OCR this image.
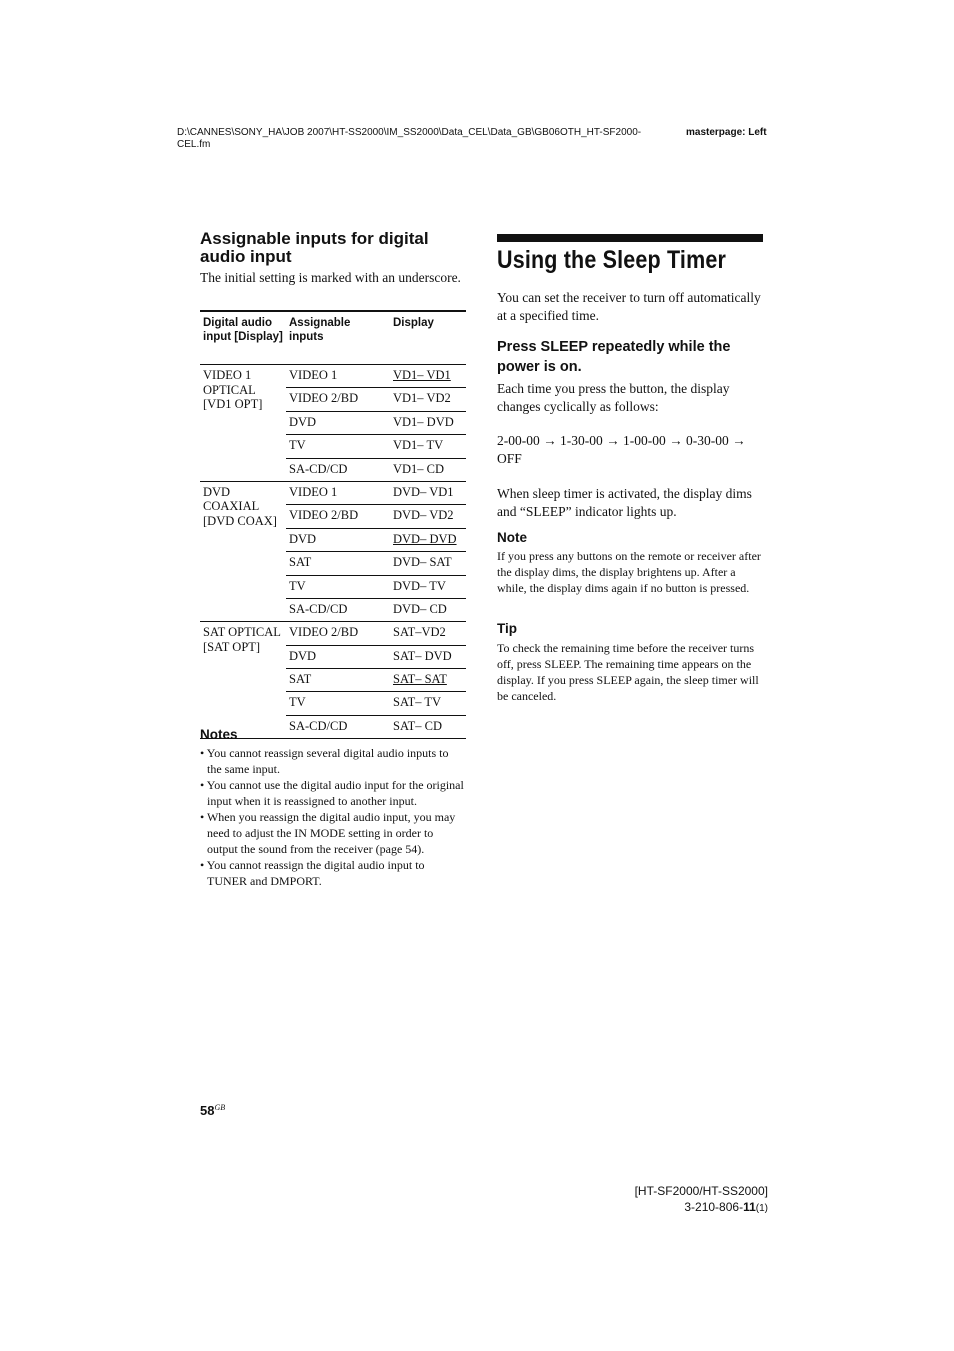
D:\CANNES\SONY_HA\JOB 2007\HT-SS2000\IM_SS2000\Data_CEL\Data_GB\GB06OTH_HT-SF2000-CEL.fm
masterpage: Left
Assignable inputs for digital audio input
The initial setting is marked with an underscore.
Digital audio input [Display]	Assignable inputs	Display
VIDEO 1 OPTICAL [VD1 OPT]	VIDEO 1	VD1– VD1
	VIDEO 2/BD	VD1– VD2
	DVD	VD1– DVD
	TV	VD1– TV
	SA-CD/CD	VD1– CD
DVD COAXIAL [DVD COAX]	VIDEO 1	DVD– VD1
	VIDEO 2/BD	DVD– VD2
	DVD	DVD– DVD
	SAT	DVD– SAT
	TV	DVD– TV
	SA-CD/CD	DVD– CD
SAT OPTICAL [SAT OPT]	VIDEO 2/BD	SAT–VD2
	DVD	SAT– DVD
	SAT	SAT– SAT
	TV	SAT– TV
	SA-CD/CD	SAT– CD
Notes
• You cannot reassign several digital audio inputs to the same input.
• You cannot use the digital audio input for the original input when it is reassigned to another input.
• When you reassign the digital audio input, you may need to adjust the IN MODE setting in order to output the sound from the receiver (page 54).
• You cannot reassign the digital audio input to TUNER and DMPORT.
Using the Sleep Timer
You can set the receiver to turn off automatically at a specified time.
Press SLEEP repeatedly while the power is on.
Each time you press the button, the display changes cyclically as follows:
2-00-00 → 1-30-00 → 1-00-00 → 0-30-00 → OFF
When sleep timer is activated, the display dims and “SLEEP” indicator lights up.
Note
If you press any buttons on the remote or receiver after the display dims, the display brightens up. After a while, the display dims again if no button is pressed.
Tip
To check the remaining time before the receiver turns off, press SLEEP. The remaining time appears on the display. If you press SLEEP again, the sleep timer will be canceled.
$58^{GB}$
[HT-SF2000/HT-SS2000]
3-210-806-11(1)
